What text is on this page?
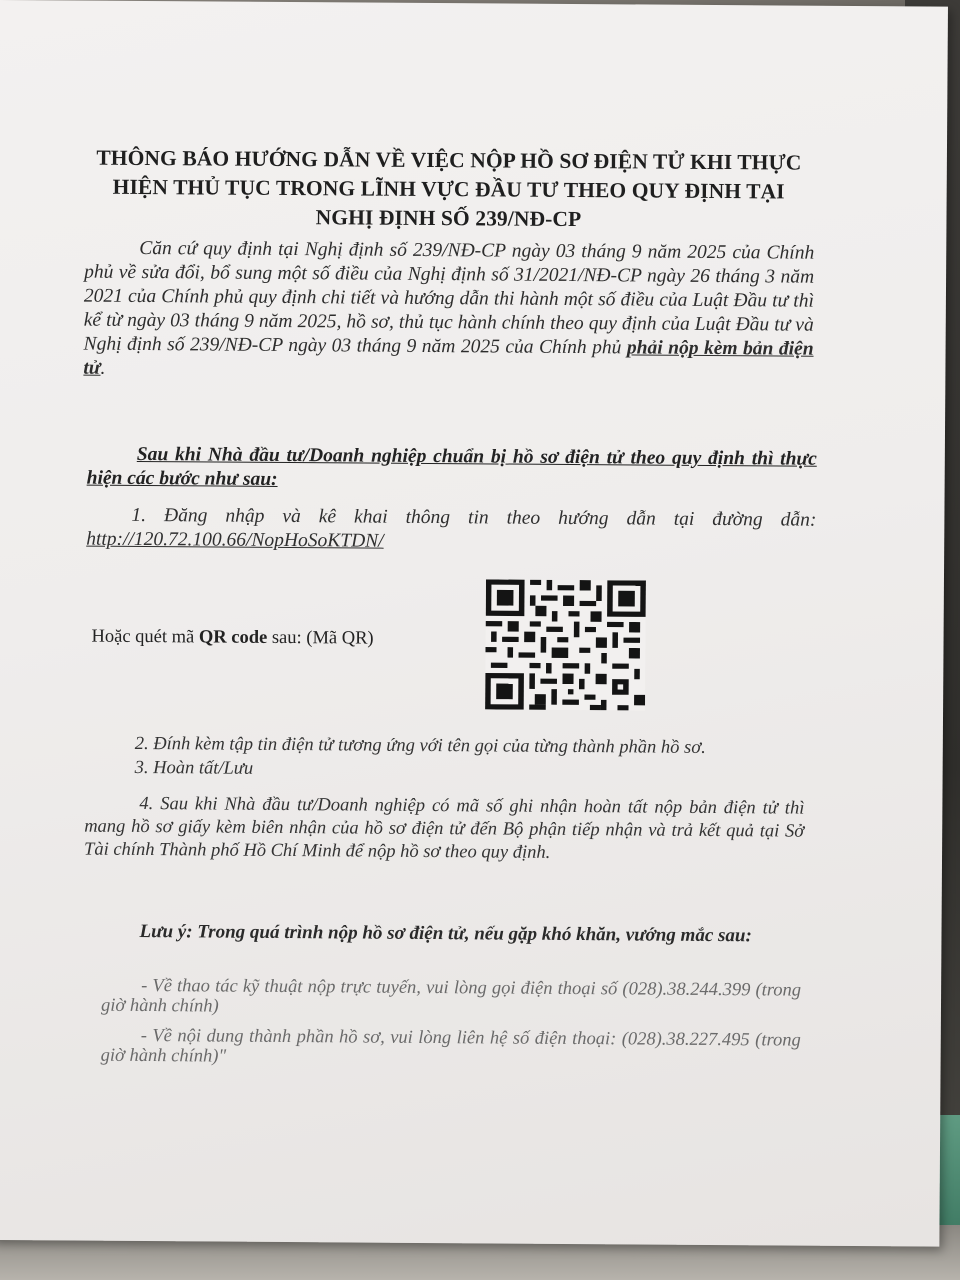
THÔNG BÁO HƯỚNG DẪN VỀ VIỆC NỘP HỒ SƠ ĐIỆN TỬ KHI THỰC
HIỆN THỦ TỤC TRONG LĨNH VỰC ĐẦU TƯ THEO QUY ĐỊNH TẠI
NGHỊ ĐỊNH SỐ 239/NĐ-CP
Căn cứ quy định tại Nghị định số 239/NĐ-CP ngày 03 tháng 9 năm 2025 của Chính phủ về sửa đổi, bổ sung một số điều của Nghị định số 31/2021/NĐ-CP ngày 26 tháng 3 năm 2021 của Chính phủ quy định chi tiết và hướng dẫn thi hành một số điều của Luật Đầu tư thì kể từ ngày 03 tháng 9 năm 2025, hồ sơ, thủ tục hành chính theo quy định của Luật Đầu tư và Nghị định số 239/NĐ-CP ngày 03 tháng 9 năm 2025 của Chính phủ phải nộp kèm bản điện tử.
Sau khi Nhà đầu tư/Doanh nghiệp chuẩn bị hồ sơ điện tử theo quy định thì thực hiện các bước như sau:
1. Đăng nhập và kê khai thông tin theo hướng dẫn tại đường dẫn: http://120.72.100.66/NopHoSoKTDN/
Hoặc quét mã QR code sau: (Mã QR)
2. Đính kèm tập tin điện tử tương ứng với tên gọi của từng thành phần hồ sơ.
3. Hoàn tất/Lưu
4. Sau khi Nhà đầu tư/Doanh nghiệp có mã số ghi nhận hoàn tất nộp bản điện tử thì mang hồ sơ giấy kèm biên nhận của hồ sơ điện tử đến Bộ phận tiếp nhận và trả kết quả tại Sở Tài chính Thành phố Hồ Chí Minh để nộp hồ sơ theo quy định.
Lưu ý: Trong quá trình nộp hồ sơ điện tử, nếu gặp khó khăn, vướng mắc sau:
- Về thao tác kỹ thuật nộp trực tuyến, vui lòng gọi điện thoại số (028).38.244.399 (trong giờ hành chính)
- Về nội dung thành phần hồ sơ, vui lòng liên hệ số điện thoại: (028).38.227.495 (trong giờ hành chính)"
